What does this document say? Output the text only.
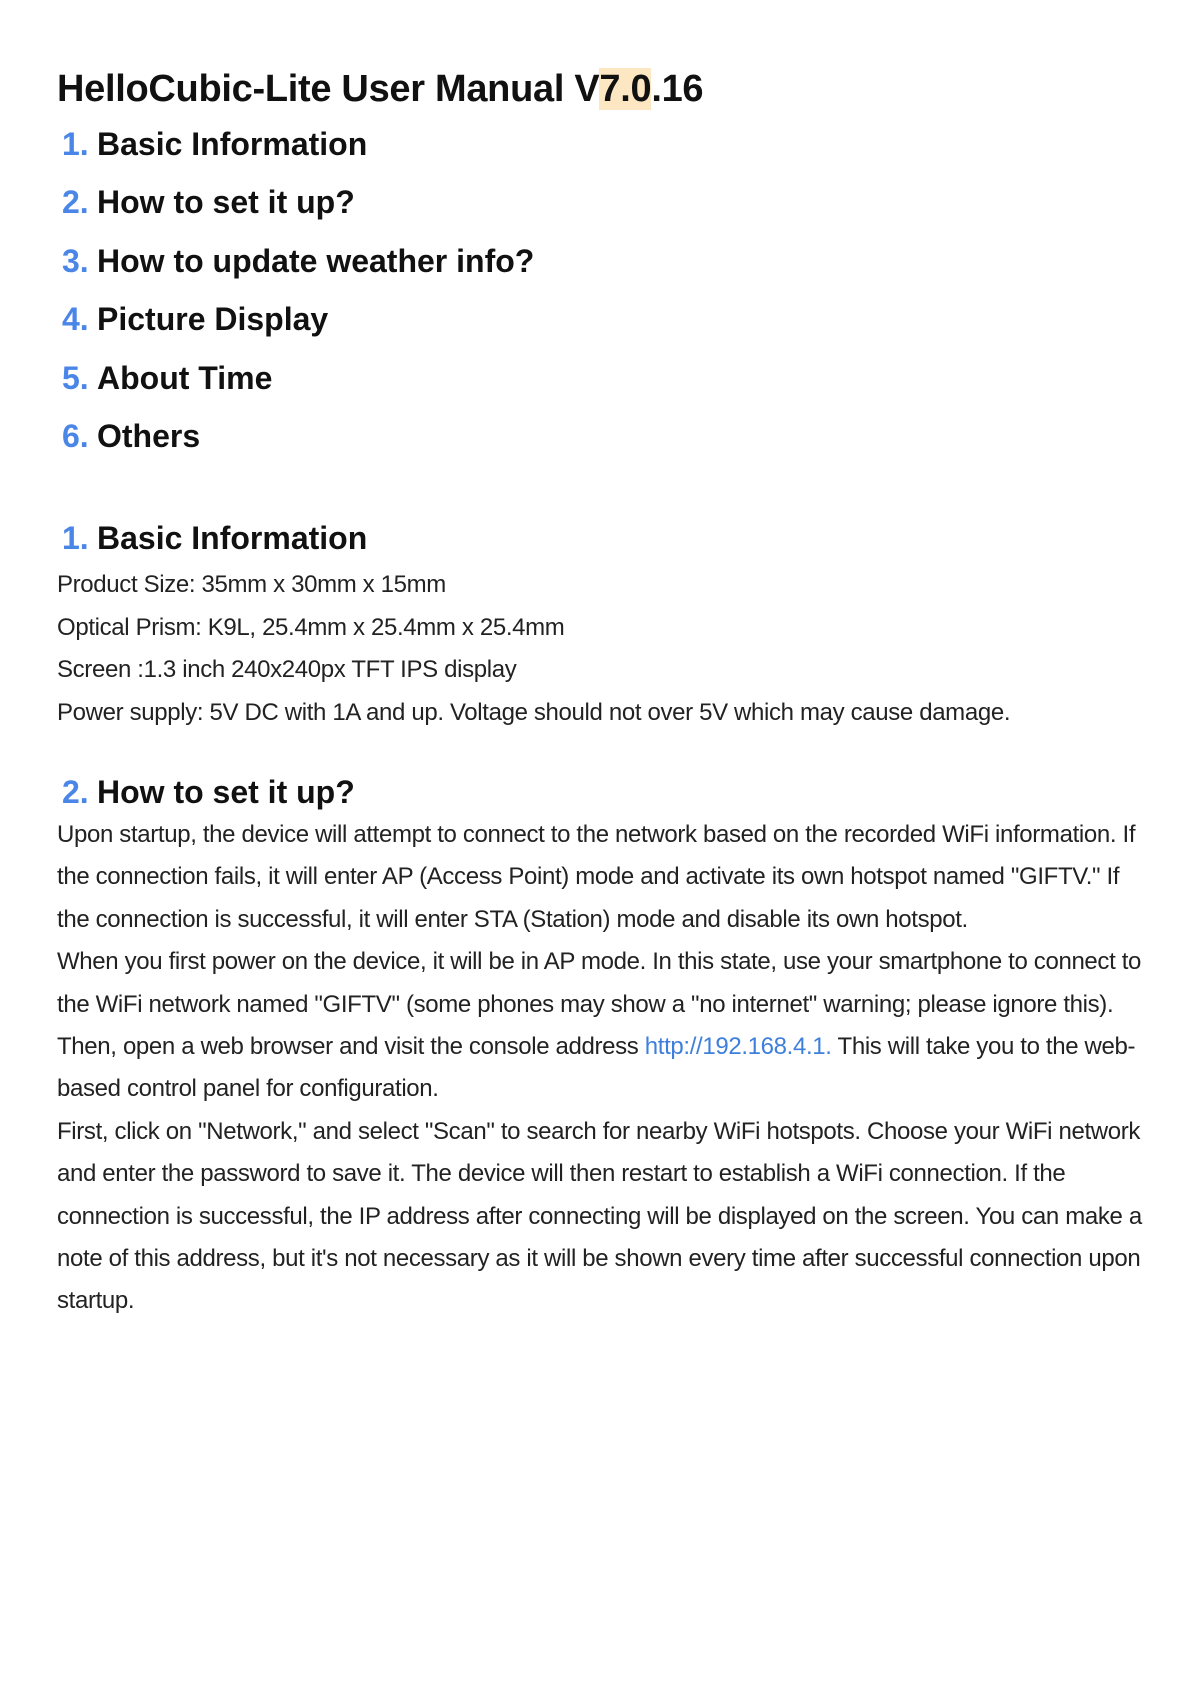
HelloCubic-Lite User Manual V7.0.16
1. Basic Information
2. How to set it up?
3. How to update weather info?
4. Picture Display
5. About Time
6. Others
1. Basic Information

Product Size: 35mm x 30mm x 15mm

Optical Prism: K9L, 25.4mm x 25.4mm x 25.4mm

Screen :1.3 inch 240x240px TFT IPS display

Power supply: 5V DC with 1A and up. Voltage should not over 5V which may cause damage.

2. How to set it up?

Upon startup, the device will attempt to connect to the network based on the recorded WiFi information. If the connection fails, it will enter AP (Access Point) mode and activate its own hotspot named "GIFTV." If the connection is successful, it will enter STA (Station) mode and disable its own hotspot.

When you first power on the device, it will be in AP mode. In this state, use your smartphone to connect to the WiFi network named "GIFTV" (some phones may show a "no internet" warning; please ignore this). Then, open a web browser and visit the console address http://192.168.4.1. This will take you to the web-based control panel for configuration.

First, click on "Network," and select "Scan" to search for nearby WiFi hotspots. Choose your WiFi network and enter the password to save it. The device will then restart to establish a WiFi connection. If the connection is successful, the IP address after connecting will be displayed on the screen. You can make a note of this address, but it's not necessary as it will be shown every time after successful connection upon startup.
